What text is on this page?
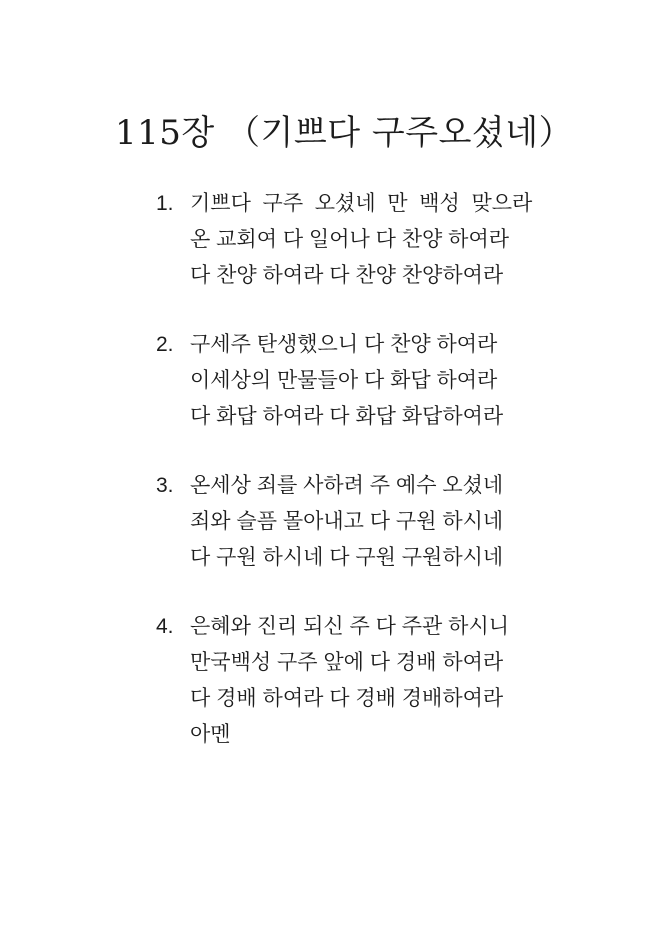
115장 （기쁘다 구주오셨네）
1. 기쁘다  구주  오셨네  만  백성  맞으라
온 교회여 다 일어나 다 찬양 하여라
다 찬양 하여라 다 찬양 찬양하여라
2. 구세주 탄생했으니 다 찬양 하여라
이세상의 만물들아 다 화답 하여라
다 화답 하여라 다 화답 화답하여라
3. 온세상 죄를 사하려 주 예수 오셨네
죄와 슬픔 몰아내고 다 구원 하시네
다 구원 하시네 다 구원 구원하시네
4. 은혜와 진리 되신 주 다 주관 하시니
만국백성 구주 앞에 다 경배 하여라
다 경배 하여라 다 경배 경배하여라
아멘
